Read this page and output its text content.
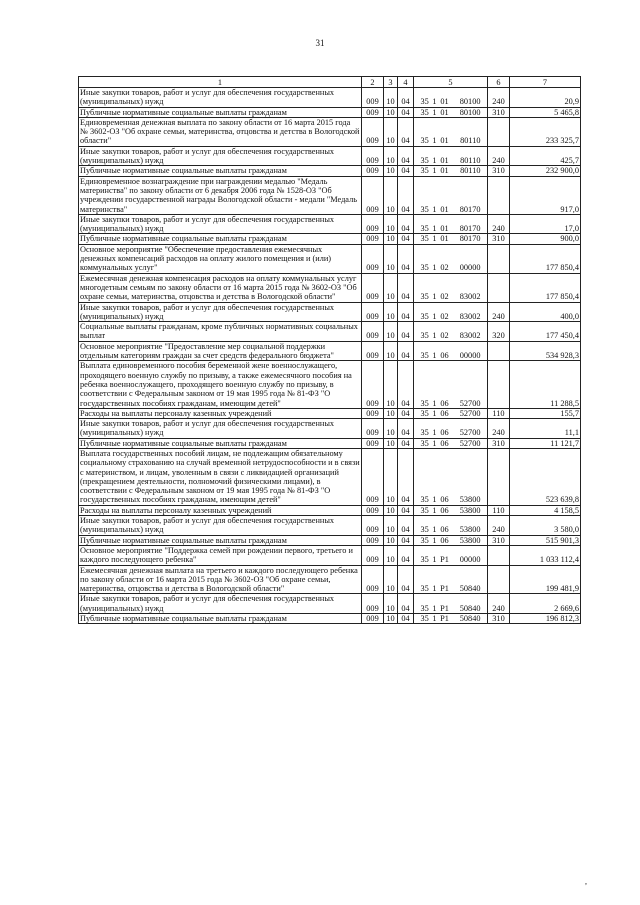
31
1	2	3	4	5	6	7
Иные закупки товаров, работ и услуг для обеспечения государственных (муниципальных) нужд	009	10	04	35 1 01 80100	240	20,9
Публичные нормативные социальные выплаты гражданам	009	10	04	35 1 01 80100	310	5 465,8
Единовременная денежная выплата по закону области от 16 марта 2015 года № 3602-ОЗ "Об охране семьи, материнства, отцовства и детства в Вологодской области"	009	10	04	35 1 01 80110		233 325,7
Иные закупки товаров, работ и услуг для обеспечения государственных (муниципальных) нужд	009	10	04	35 1 01 80110	240	425,7
Публичные нормативные социальные выплаты гражданам	009	10	04	35 1 01 80110	310	232 900,0
Единовременное вознаграждение при награждении медалью "Медаль материнства" по закону области от 6 декабря 2006 года № 1528-ОЗ "Об учреждении государственной награды Вологодской области - медали "Медаль материнства"	009	10	04	35 1 01 80170		917,0
Иные закупки товаров, работ и услуг для обеспечения государственных (муниципальных) нужд	009	10	04	35 1 01 80170	240	17,0
Публичные нормативные социальные выплаты гражданам	009	10	04	35 1 01 80170	310	900,0
Основное мероприятие "Обеспечение предоставления ежемесячных денежных компенсаций расходов на оплату жилого помещения и (или) коммунальных услуг"	009	10	04	35 1 02 00000		177 850,4
Ежемесячная денежная компенсация расходов на оплату коммунальных услуг многодетным семьям по закону области от 16 марта 2015 года № 3602-ОЗ "Об охране семьи, материнства, отцовства и детства в Вологодской области"	009	10	04	35 1 02 83002		177 850,4
Иные закупки товаров, работ и услуг для обеспечения государственных (муниципальных) нужд	009	10	04	35 1 02 83002	240	400,0
Социальные выплаты гражданам, кроме публичных нормативных социальных выплат	009	10	04	35 1 02 83002	320	177 450,4
Основное мероприятие "Предоставление мер социальной поддержки отдельным категориям граждан за счет средств федерального бюджета"	009	10	04	35 1 06 00000		534 928,3
Выплата единовременного пособия беременной жене военнослужащего, проходящего военную службу по призыву, а также ежемесячного пособия на ребенка военнослужащего, проходящего военную службу по призыву, в соответствии с Федеральным законом от 19 мая 1995 года № 81-ФЗ "О государственных пособиях гражданам, имеющим детей"	009	10	04	35 1 06 52700		11 288,5
Расходы на выплаты персоналу казенных учреждений	009	10	04	35 1 06 52700	110	155,7
Иные закупки товаров, работ и услуг для обеспечения государственных (муниципальных) нужд	009	10	04	35 1 06 52700	240	11,1
Публичные нормативные социальные выплаты гражданам	009	10	04	35 1 06 52700	310	11 121,7
Выплата государственных пособий лицам, не подлежащим обязательному социальному страхованию на случай временной нетрудоспособности и в связи с материнством, и лицам, уволенным в связи с ликвидацией организаций (прекращением деятельности, полномочий физическими лицами), в соответствии с Федеральным законом от 19 мая 1995 года № 81-ФЗ "О государственных пособиях гражданам, имеющим детей"	009	10	04	35 1 06 53800		523 639,8
Расходы на выплаты персоналу казенных учреждений	009	10	04	35 1 06 53800	110	4 158,5
Иные закупки товаров, работ и услуг для обеспечения государственных (муниципальных) нужд	009	10	04	35 1 06 53800	240	3 580,0
Публичные нормативные социальные выплаты гражданам	009	10	04	35 1 06 53800	310	515 901,3
Основное мероприятие "Поддержка семей при рождении первого, третьего и каждого последующего ребенка"	009	10	04	35 1 P1 00000		1 033 112,4
Ежемесячная денежная выплата на третьего и каждого последующего ребенка по закону области от 16 марта 2015 года № 3602-ОЗ "Об охране семьи, материнства, отцовства и детства в Вологодской области"	009	10	04	35 1 P1 50840		199 481,9
Иные закупки товаров, работ и услуг для обеспечения государственных (муниципальных) нужд	009	10	04	35 1 P1 50840	240	2 669,6
Публичные нормативные социальные выплаты гражданам	009	10	04	35 1 P1 50840	310	196 812,3
,
